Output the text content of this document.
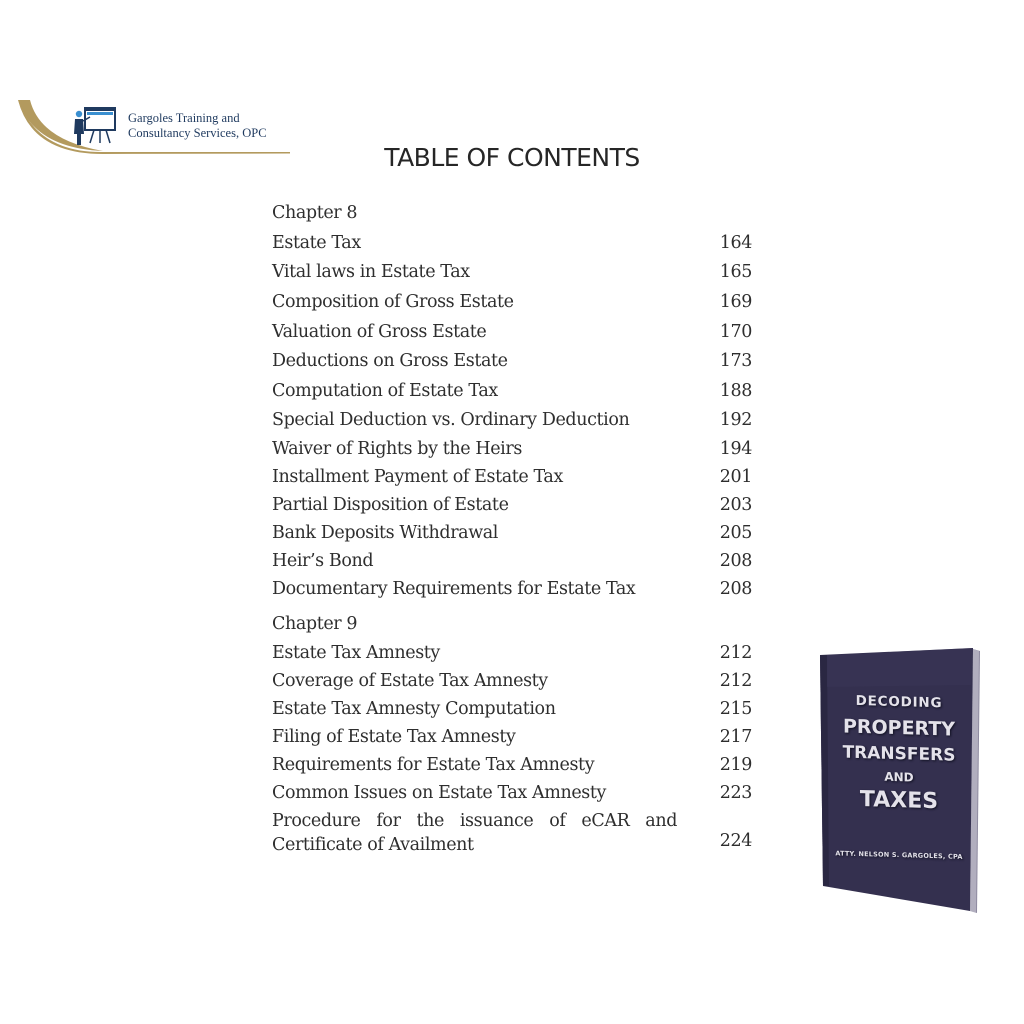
Gargoles Training and
Consultancy Services, OPC
TABLE OF CONTENTS
Chapter 8
Estate Tax	164
Vital laws in Estate Tax	165
Composition of Gross Estate	169
Valuation of Gross Estate	170
Deductions on Gross Estate	173
Computation of Estate Tax	188
Special Deduction vs. Ordinary Deduction	192
Waiver of Rights by the Heirs	194
Installment Payment of Estate Tax	201
Partial Disposition of Estate	203
Bank Deposits Withdrawal	205
Heir’s Bond	208
Documentary Requirements for Estate Tax	208
Chapter 9
Estate Tax Amnesty	212
Coverage of Estate Tax Amnesty	212
Estate Tax Amnesty Computation	215
Filing of Estate Tax Amnesty	217
Requirements for Estate Tax Amnesty	219
Common Issues on Estate Tax Amnesty	223
Procedure for the issuance of eCAR and Certificate of Availment	224
DECODING
PROPERTY
TRANSFERS
AND
TAXES
ATTY. NELSON S. GARGOLES, CPA
